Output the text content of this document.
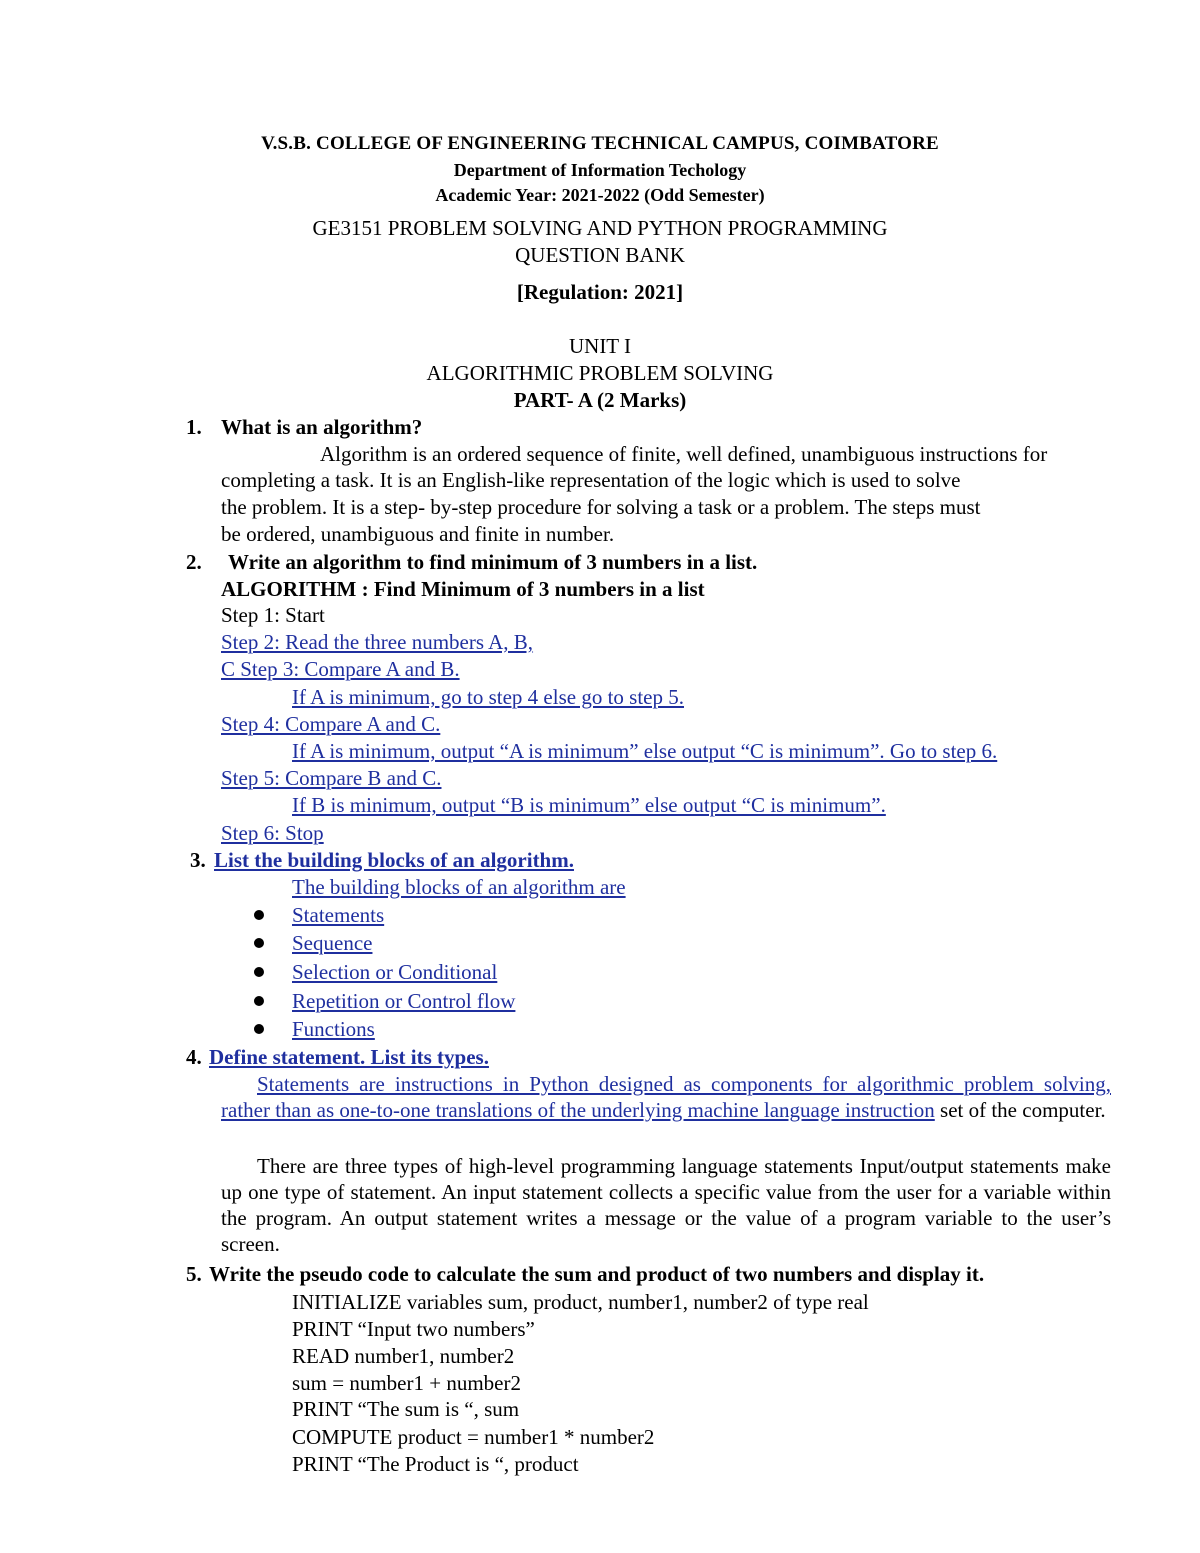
V.S.B. COLLEGE OF ENGINEERING TECHNICAL CAMPUS, COIMBATORE
Department of Information Techology
Academic Year: 2021-2022 (Odd Semester)
GE3151 PROBLEM SOLVING AND PYTHON PROGRAMMING
QUESTION BANK
[Regulation: 2021]
UNIT I
ALGORITHMIC PROBLEM SOLVING
PART- A (2 Marks)
1. What is an algorithm?
Algorithm is an ordered sequence of finite, well defined, unambiguous instructions for
completing a task. It is an English-like representation of the logic which is used to solve
the problem. It is a step- by-step procedure for solving a task or a problem. The steps must
be ordered, unambiguous and finite in number.
2. Write an algorithm to find minimum of 3 numbers in a list.
ALGORITHM : Find Minimum of 3 numbers in a list
Step 1: Start
Step 2: Read the three numbers A, B,
C Step 3: Compare A and B.
If A is minimum, go to step 4 else go to step 5.
Step 4: Compare A and C.
If A is minimum, output “A is minimum” else output “C is minimum”. Go to step 6.
Step 5: Compare B and C.
If B is minimum, output “B is minimum” else output “C is minimum”.
Step 6: Stop
3. List the building blocks of an algorithm.
The building blocks of an algorithm are
Statements
Sequence
Selection or Conditional
Repetition or Control flow
Functions
4. Define statement. List its types.
Statements are instructions in Python designed as components for algorithmic problem solving, rather than as one-to-one translations of the underlying machine language instruction set of the computer.
There are three types of high-level programming language statements Input/output statements make up one type of statement. An input statement collects a specific value from the user for a variable within the program. An output statement writes a message or the value of a program variable to the user’s screen.
5. Write the pseudo code to calculate the sum and product of two numbers and display it.
INITIALIZE variables sum, product, number1, number2 of type real
PRINT “Input two numbers”
READ number1, number2
sum = number1 + number2
PRINT “The sum is “, sum
COMPUTE product = number1 * number2
PRINT “The Product is “, product
